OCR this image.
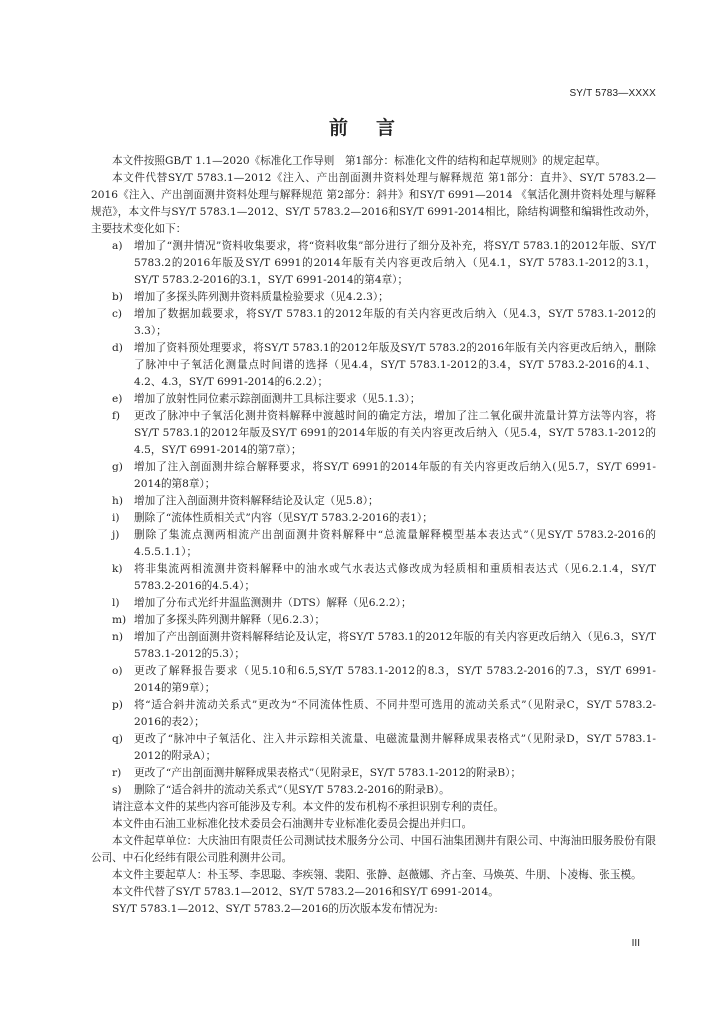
SY/T 5783—XXXX
前言

本文件按照GB/T 1.1—2020《标准化工作导则　第1部分：标准化文件的结构和起草规则》的规定起草。

本文件代替SY/T 5783.1—2012《注入、产出剖面测井资料处理与解释规范 第1部分：直井》、SY/T 5783.2—2016《注入、产出剖面测井资料处理与解释规范 第2部分：斜井》和SY/T 6991—2014 《氧活化测井资料处理与解释规范》，本文件与SY/T 5783.1—2012、SY/T 5783.2—2016和SY/T 6991-2014相比，除结构调整和编辑性改动外，主要技术变化如下：

a)	增加了“测井情况”资料收集要求，将“资料收集”部分进行了细分及补充，将SY/T 5783.1的2012年版、SY/T 5783.2的2016年版及SY/T 6991的2014年版有关内容更改后纳入（见4.1，SY/T 5783.1-2012的3.1，SY/T 5783.2-2016的3.1，SY/T 6991-2014的第4章）；
b)	增加了多探头阵列测井资料质量检验要求（见4.2.3）；
c)	增加了数据加载要求，将SY/T 5783.1的2012年版的有关内容更改后纳入（见4.3，SY/T 5783.1-2012的3.3）；
d)	增加了资料预处理要求，将SY/T 5783.1的2012年版及SY/T 5783.2的2016年版有关内容更改后纳入，删除了脉冲中子氧活化测量点时间谱的选择（见4.4，SY/T 5783.1-2012的3.4，SY/T 5783.2-2016的4.1、4.2、4.3，SY/T 6991-2014的6.2.2）；
e)	增加了放射性同位素示踪剖面测井工具标注要求（见5.1.3）；
f)	更改了脉冲中子氧活化测井资料解释中渡越时间的确定方法，增加了注二氧化碳井流量计算方法等内容，将SY/T 5783.1的2012年版及SY/T 6991的2014年版的有关内容更改后纳入（见5.4，SY/T 5783.1-2012的4.5，SY/T 6991-2014的第7章）；
g)	增加了注入剖面测井综合解释要求，将SY/T 6991的2014年版的有关内容更改后纳入(见5.7，SY/T 6991-2014的第8章）；
h)	增加了注入剖面测井资料解释结论及认定（见5.8）；
i)	删除了“流体性质相关式”内容（见SY/T 5783.2-2016的表1）；
j)	删除了集流点测两相流产出剖面测井资料解释中“总流量解释模型基本表达式”（见SY/T 5783.2-2016的4.5.5.1.1）；
k)	将非集流两相流测井资料解释中的油水或气水表达式修改成为轻质相和重质相表达式（见6.2.1.4，SY/T 5783.2-2016的4.5.4）；
l)	增加了分布式光纤井温监测测井（DTS）解释（见6.2.2）；
m) 增加了多探头阵列测井解释（见6.2.3）；
n)	增加了产出剖面测井资料解释结论及认定，将SY/T 5783.1的2012年版的有关内容更改后纳入（见6.3，SY/T 5783.1-2012的5.3）；
o)	更改了解释报告要求（见5.10和6.5,SY/T 5783.1-2012的8.3，SY/T 5783.2-2016的7.3，SY/T 6991-2014的第9章）；
p)	将“适合斜井流动关系式”更改为“不同流体性质、不同井型可选用的流动关系式”（见附录C，SY/T 5783.2-2016的表2）；
q)	更改了“脉冲中子氧活化、注入井示踪相关流量、电磁流量测井解释成果表格式”（见附录D，SY/T 5783.1-2012的附录A）；
r)	更改了“产出剖面测井解释成果表格式”（见附录E，SY/T 5783.1-2012的附录B）；
s)	删除了“适合斜井的流动关系式”（见SY/T 5783.2-2016的附录B）。

请注意本文件的某些内容可能涉及专利。本文件的发布机构不承担识别专利的责任。

本文件由石油工业标准化技术委员会石油测井专业标准化委员会提出并归口。

本文件起草单位：大庆油田有限责任公司测试技术服务分公司、中国石油集团测井有限公司、中海油田服务股份有限公司、中石化经纬有限公司胜利测井公司。

本文件主要起草人：朴玉琴、李思聪、李疾翎、裴阳、张静、赵薇娜、齐占奎、马焕英、牛朋、卜凌梅、张玉模。

本文件代替了SY/T 5783.1—2012、SY/T 5783.2—2016和SY/T 6991-2014。

SY/T 5783.1—2012、SY/T 5783.2—2016的历次版本发布情况为:

III
